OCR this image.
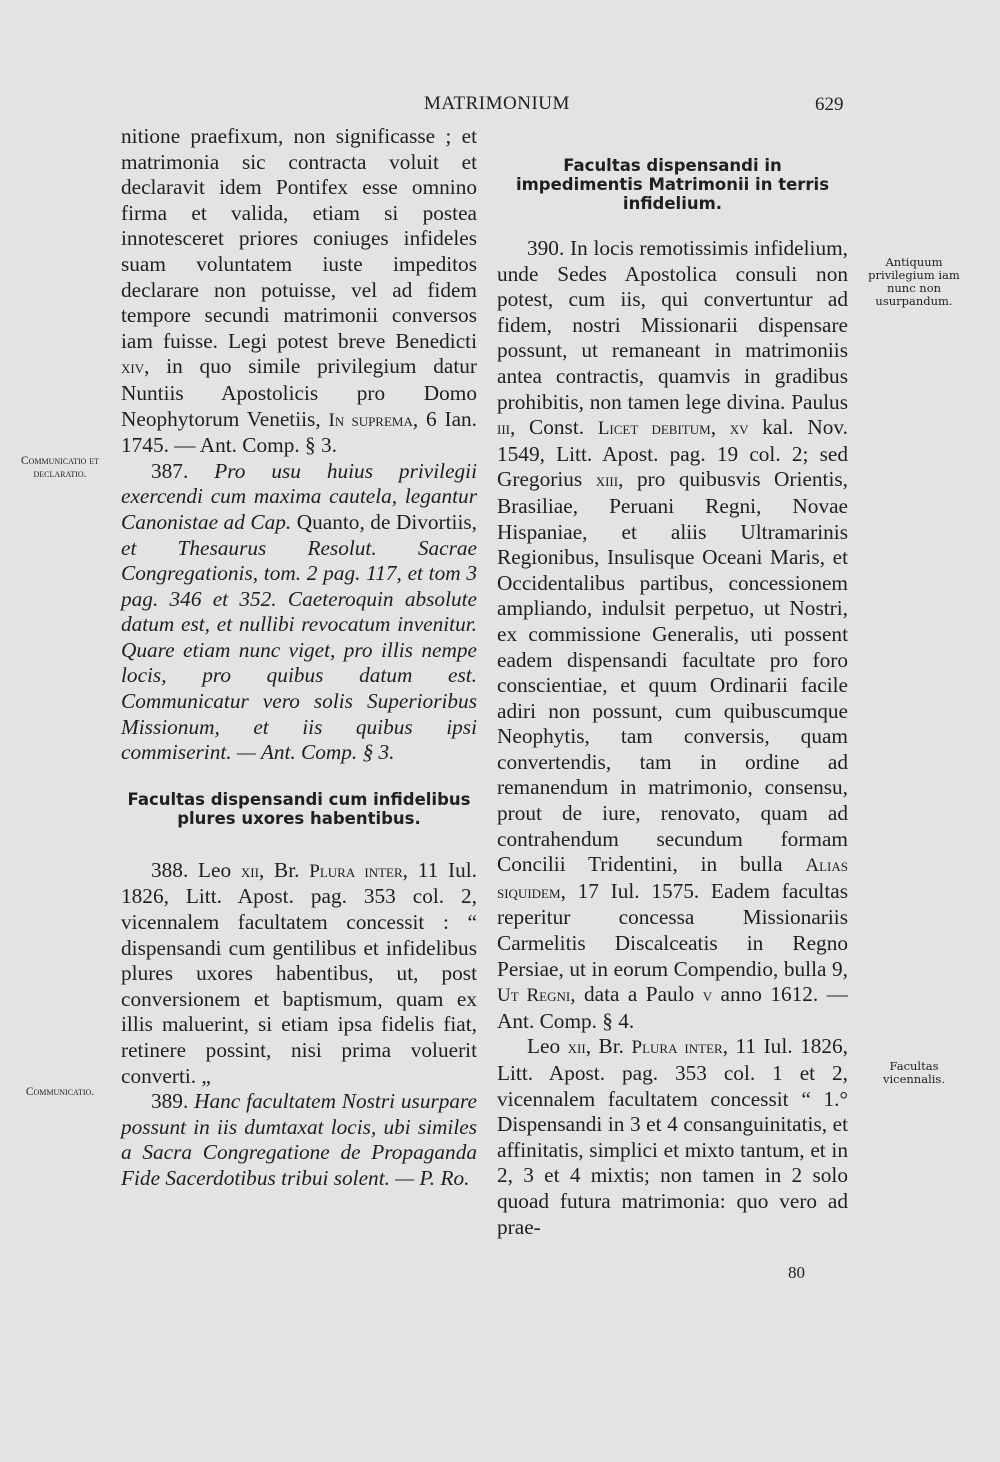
MATRIMONIUM	629

nitione praefixum, non significasse ; et matrimonia sic contracta voluit et declaravit idem Pontifex esse omnino firma et valida, etiam si postea innotesceret priores coniuges infideles suam voluntatem iuste impeditos declarare non potuisse, vel ad fidem tempore secundi matrimonii conversos iam fuisse. Legi potest breve Benedicti xiv, in quo simile privilegium datur Nuntiis Apostolicis pro Domo Neophytorum Venetiis, In suprema, 6 Ian. 1745. — Ant. Comp. § 3.

387. Pro usu huius privilegii exercendi cum maxima cautela, legantur Canonistae ad Cap. Quanto, de Divortiis, et Thesaurus Resolut. Sacrae Congregationis, tom. 2 pag. 117, et tom 3 pag. 346 et 352. Caeteroquin absolute datum est, et nullibi revocatum invenitur. Quare etiam nunc viget, pro illis nempe locis, pro quibus datum est. Communicatur vero solis Superioribus Missionum, et iis quibus ipsi commiserint. — Ant. Comp. § 3.

Facultas dispensandi cum infidelibus plures uxores habentibus.

388. Leo xii, Br. Plura inter, 11 Iul. 1826, Litt. Apost. pag. 353 col. 2, vicennalem facultatem concessit : “ dispensandi cum gentilibus et infidelibus plures uxores habentibus, ut, post conversionem et baptismum, quam ex illis maluerint, si etiam ipsa fidelis fiat, retinere possint, nisi prima voluerit converti. „

389. Hanc facultatem Nostri usurpare possunt in iis dumtaxat locis, ubi similes a Sacra Congregatione de Propaganda Fide Sacerdotibus tribui solent. — P. Ro.

Facultas dispensandi in impedimentis Matrimonii in terris infidelium.

390. In locis remotissimis infidelium, unde Sedes Apostolica consuli non potest, cum iis, qui convertuntur ad fidem, nostri Missionarii dispensare possunt, ut remaneant in matrimoniis antea contractis, quamvis in gradibus prohibitis, non tamen lege divina. Paulus iii, Const. Licet debitum, xv kal. Nov. 1549, Litt. Apost. pag. 19 col. 2; sed Gregorius xiii, pro quibusvis Orientis, Brasiliae, Peruani Regni, Novae Hispaniae, et aliis Ultramarinis Regionibus, Insulisque Oceani Maris, et Occidentalibus partibus, concessionem ampliando, indulsit perpetuo, ut Nostri, ex commissione Generalis, uti possent eadem dispensandi facultate pro foro conscientiae, et quum Ordinarii facile adiri non possunt, cum quibuscumque Neophytis, tam conversis, quam convertendis, tam in ordine ad remanendum in matrimonio, consensu, prout de iure, renovato, quam ad contrahendum secundum formam Concilii Tridentini, in bulla Alias siquidem, 17 Iul. 1575. Eadem facultas reperitur concessa Missionariis Carmelitis Discalceatis in Regno Persiae, ut in eorum Compendio, bulla 9, Ut Regni, data a Paulo v anno 1612. — Ant. Comp. § 4.

Leo xii, Br. Plura inter, 11 Iul. 1826, Litt. Apost. pag. 353 col. 1 et 2, vicennalem facultatem concessit “ 1.° Dispensandi in 3 et 4 consanguinitatis, et affinitatis, simplici et mixto tantum, et in 2, 3 et 4 mixtis; non tamen in 2 solo quoad futura matrimonia: quo vero ad prae-

Communicatio et declaratio.
Communicatio.
Antiquum privilegium iam nunc non usurpandum.
Facultas vicennalis.
80
